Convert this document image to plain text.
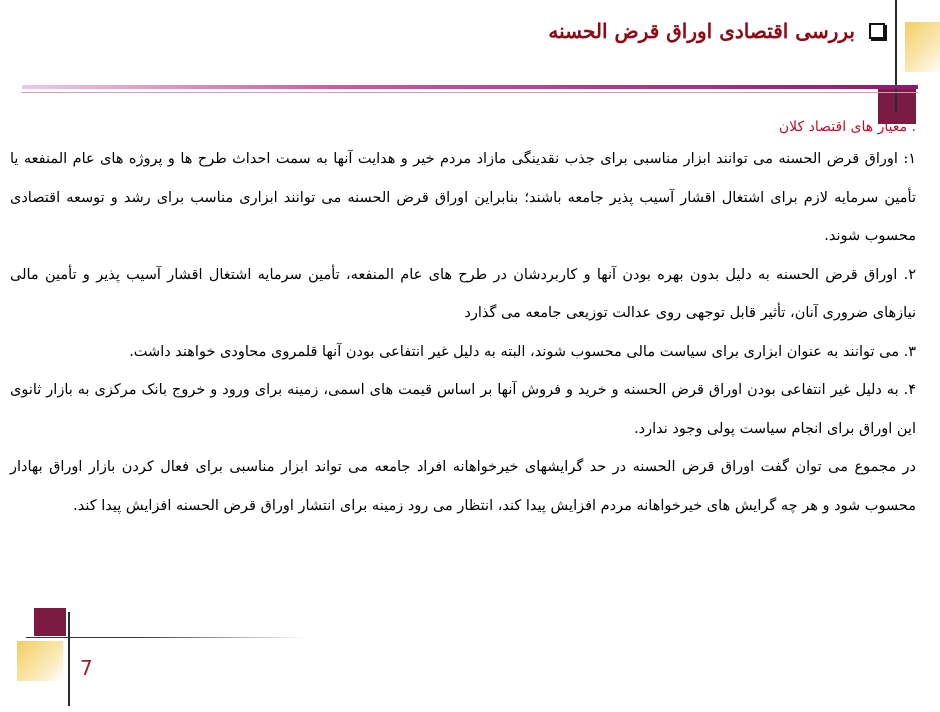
بررسی اقتصادی اوراق قرض الحسنه
. معیار های اقتصاد کلان

۱: اوراق قرض الحسنه می توانند ابزار مناسبی برای جذب نقدینگی مازاد مردم خیر و هدایت آنها به سمت احداث طرح ها و پروژه های عام المنفعه یا تأمین سرمایه لازم برای اشتغال اقشار آسیب پذیر جامعه باشند؛ بنابراین اوراق قرض الحسنه می توانند ابزاری مناسب برای رشد و توسعه اقتصادی محسوب شوند.

۲. اوراق قرض الحسنه به دلیل بدون بهره بودن آنها و کاربردشان در طرح های عام المنفعه، تأمین سرمایه اشتغال اقشار آسیب پذیر و تأمین مالی نیازهای ضروری آنان، تأثیر قابل توجهی روی عدالت توزیعی جامعه می گذارد

۳. می توانند به عنوان ابزاری برای سیاست مالی محسوب شوند، البته به دلیل غیر انتفاعی بودن آنها قلمروی محاودی خواهند داشت.

۴. به دلیل غیر انتفاعی بودن اوراق قرض الحسنه و خرید و فروش آنها بر اساس قیمت های اسمی، زمینه برای ورود و خروج بانک مرکزی به بازار ثانوی این اوراق برای انجام سیاست پولی وجود ندارد.

در مجموع می توان گفت اوراق قرض الحسنه در حد گرایشهای خیرخواهانه افراد جامعه می تواند ابزار مناسبی برای فعال کردن بازار اوراق بهادار محسوب شود و هر چه گرایش های خیرخواهانه مردم افزایش پیدا کند، انتظار می رود زمینه برای انتشار اوراق قرض الحسنه افزایش پیدا کند.

7
